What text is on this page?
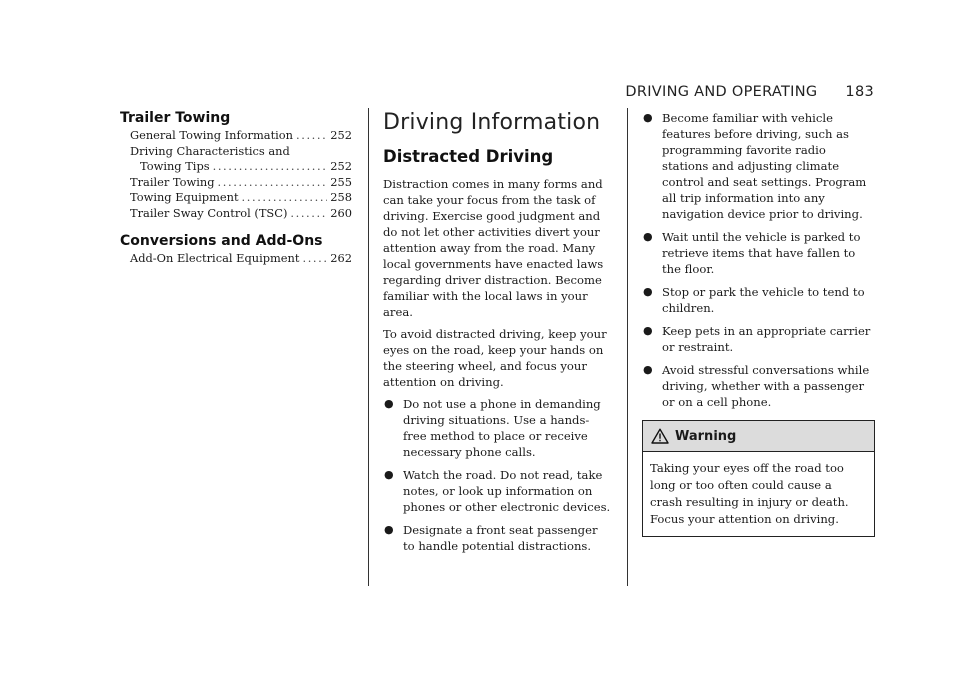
DRIVING AND OPERATING 183
Trailer Towing
General Towing Information .....	252
Driving Characteristics and
Towing Tips .....	252
Trailer Towing .....	255
Towing Equipment .....	258
Trailer Sway Control (TSC) .....	260
Conversions and Add-Ons
Add-On Electrical Equipment .....	262
Driving Information
Distracted Driving

Distraction comes in many forms and can take your focus from the task of driving. Exercise good judgment and do not let other activities divert your attention away from the road. Many local governments have enacted laws regarding driver distraction. Become familiar with the local laws in your area.

To avoid distracted driving, keep your eyes on the road, keep your hands on the steering wheel, and focus your attention on driving.

● Do not use a phone in demanding driving situations. Use a hands-free method to place or receive necessary phone calls.
● Watch the road. Do not read, take notes, or look up information on phones or other electronic devices.
● Designate a front seat passenger to handle potential distractions.
● Become familiar with vehicle features before driving, such as programming favorite radio stations and adjusting climate control and seat settings. Program all trip information into any navigation device prior to driving.
● Wait until the vehicle is parked to retrieve items that have fallen to the floor.
● Stop or park the vehicle to tend to children.
● Keep pets in an appropriate carrier or restraint.
● Avoid stressful conversations while driving, whether with a passenger or on a cell phone.
Warning

Taking your eyes off the road too long or too often could cause a crash resulting in injury or death. Focus your attention on driving.
